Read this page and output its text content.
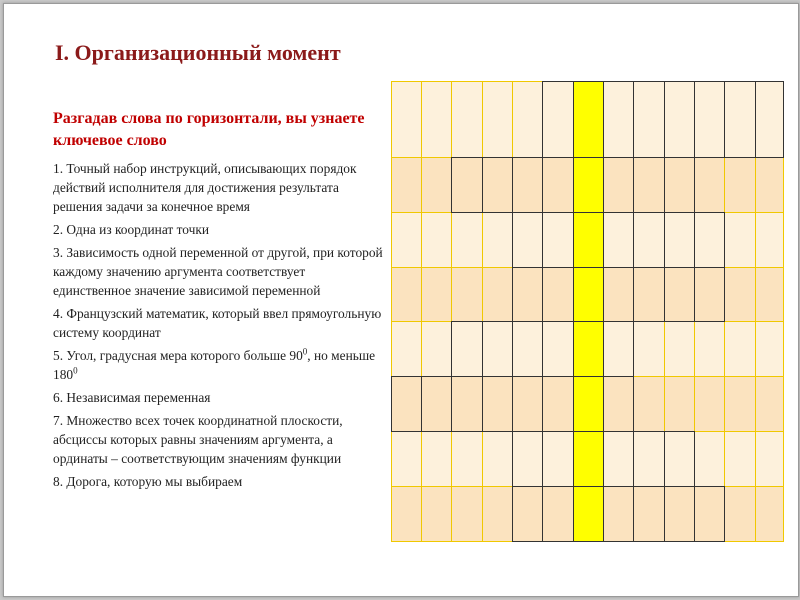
I. Организационный момент
Разгадав слова по горизонтали, вы узнаете ключевое слово
1. Точный набор инструкций, описывающих порядок действий исполнителя для достижения результата решения задачи за конечное время
2. Одна из координат точки
3. Зависимость одной переменной от другой, при которой каждому значению аргумента соответствует единственное значение зависимой переменной
4. Французский математик, который ввел прямоугольную систему координат
5. Угол, градусная мера которого больше $90^0$, но меньше $180^0$
6. Независимая переменная
7. Множество всех точек координатной плоскости, абсциссы которых равны значениям аргумента, а ординаты – соответствующим значениям функции
8. Дорога, которую мы выбираем
